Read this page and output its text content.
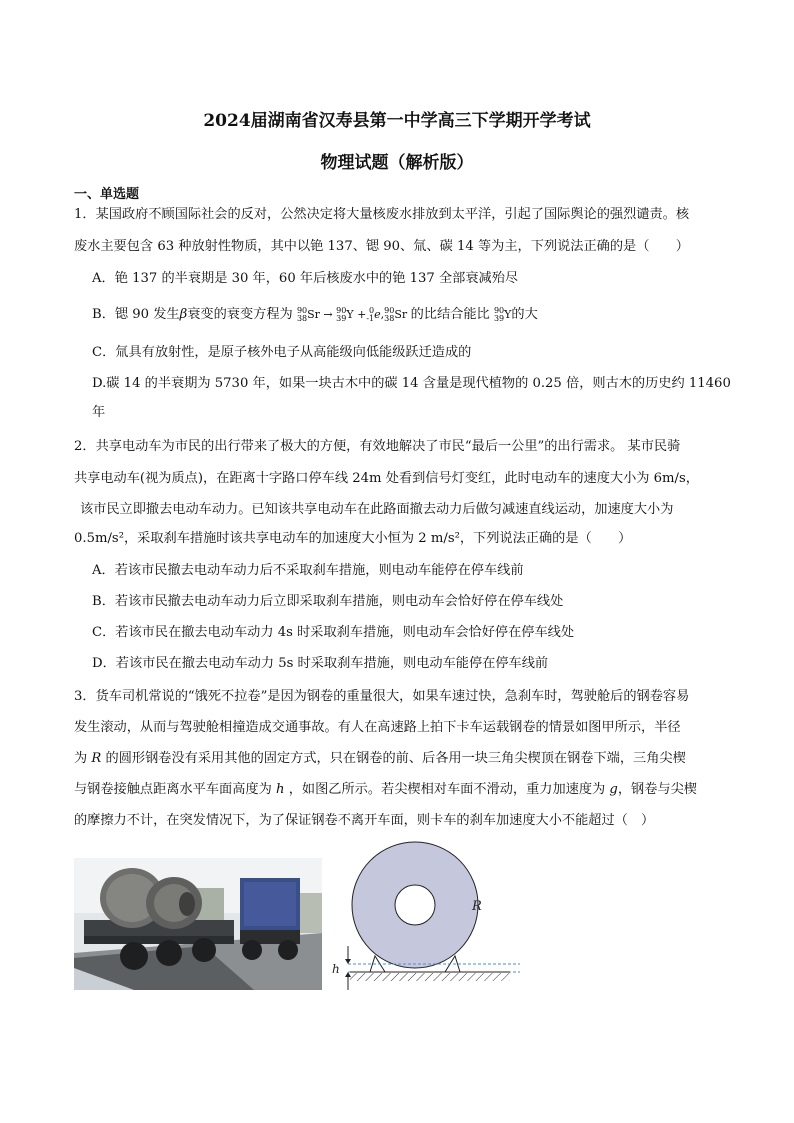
2024届湖南省汉寿县第一中学高三下学期开学考试
物理试题（解析版）
一、单选题
1．某国政府不顾国际社会的反对，公然决定将大量核废水排放到太平洋，引起了国际舆论的强烈谴责。核
废水主要包含 63 种放射性物质，其中以铯 137、锶 90、氚、碳 14 等为主，下列说法正确的是（　　）
A．铯 137 的半衰期是 30 年，60 年后核废水中的铯 137 全部衰减殆尽
B．锶 90 发生β衰变的衰变方程为 90
38 Sr → 90
39 Y + 0
-1 e, 90
38 Sr 的比结合能比 90
39 Y的大
C．氚具有放射性，是原子核外电子从高能级向低能级跃迁造成的
D.碳 14 的半衰期为 5730 年，如果一块古木中的碳 14 含量是现代植物的 0.25 倍，则古木的历史约 11460
年
2．共享电动车为市民的出行带来了极大的方便，有效地解决了市民“最后一公里”的出行需求。 某市民骑
共享电动车(视为质点)，在距离十字路口停车线 24m 处看到信号灯变红，此时电动车的速度大小为 6m/s，
该市民立即撤去电动车动力。已知该共享电动车在此路面撤去动力后做匀减速直线运动，加速度大小为
0.5m/s²，采取刹车措施时该共享电动车的加速度大小恒为 2 m/s²，下列说法正确的是（　　）
A．若该市民撤去电动车动力后不采取刹车措施，则电动车能停在停车线前
B．若该市民撤去电动车动力后立即采取刹车措施，则电动车会恰好停在停车线处
C．若该市民在撤去电动车动力 4s 时采取刹车措施，则电动车会恰好停在停车线处
D．若该市民在撤去电动车动力 5s 时采取刹车措施，则电动车能停在停车线前
3．货车司机常说的“饿死不拉卷”是因为钢卷的重量很大，如果车速过快，急刹车时，驾驶舱后的钢卷容易
发生滚动，从而与驾驶舱相撞造成交通事故。有人在高速路上拍下卡车运载钢卷的情景如图甲所示，半径
为 R 的圆形钢卷没有采用其他的固定方式，只在钢卷的前、后各用一块三角尖楔顶在钢卷下端，三角尖楔
与钢卷接触点距离水平车面高度为 h ，如图乙所示。若尖楔相对车面不滑动，重力加速度为 g，钢卷与尖楔
的摩擦力不计，在突发情况下，为了保证钢卷不离开车面，则卡车的刹车加速度大小不能超过（　）
R
h
